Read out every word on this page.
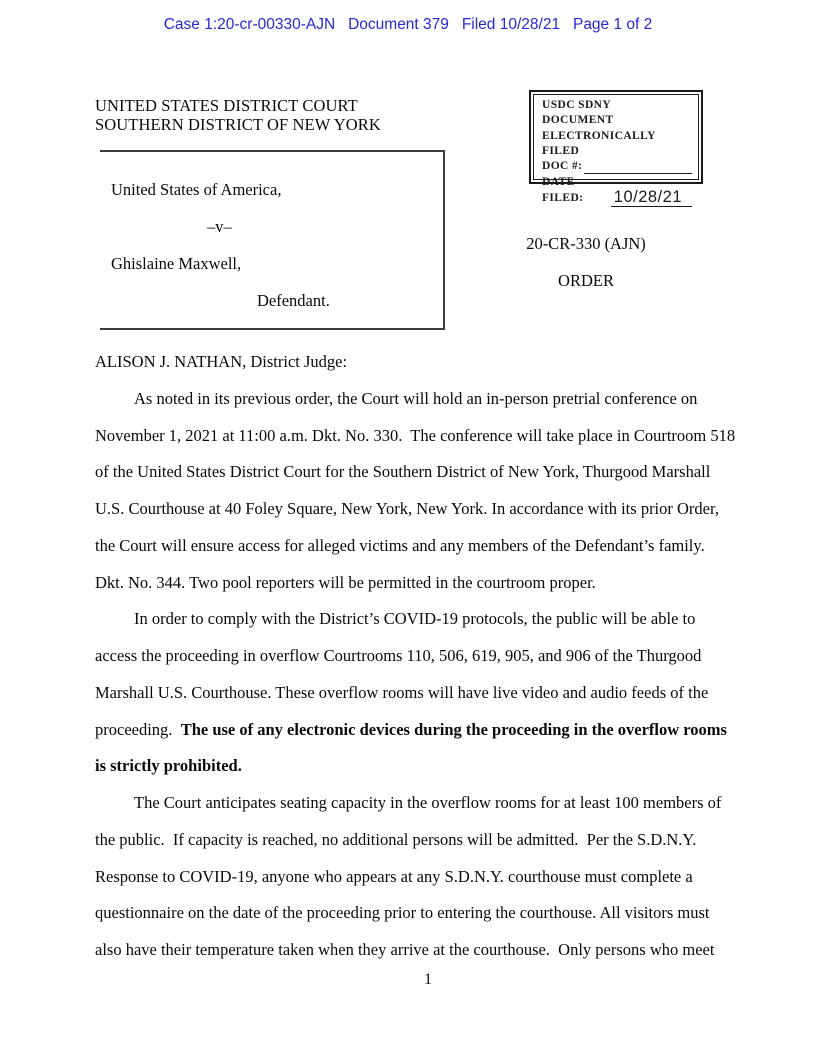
Case 1:20-cr-00330-AJN   Document 379   Filed 10/28/21   Page 1 of 2
UNITED STATES DISTRICT COURT
SOUTHERN DISTRICT OF NEW YORK
USDC SDNY
DOCUMENT
ELECTRONICALLY FILED
DOC #:
DATE FILED:	10/28/21
United States of America,
–v–
Ghislaine Maxwell,
Defendant.
20-CR-330 (AJN)
ORDER
ALISON J. NATHAN, District Judge:
As noted in its previous order, the Court will hold an in-person pretrial conference on
November 1, 2021 at 11:00 a.m. Dkt. No. 330.  The conference will take place in Courtroom 518
of the United States District Court for the Southern District of New York, Thurgood Marshall
U.S. Courthouse at 40 Foley Square, New York, New York. In accordance with its prior Order,
the Court will ensure access for alleged victims and any members of the Defendant’s family.
Dkt. No. 344. Two pool reporters will be permitted in the courtroom proper.
In order to comply with the District’s COVID-19 protocols, the public will be able to
access the proceeding in overflow Courtrooms 110, 506, 619, 905, and 906 of the Thurgood
Marshall U.S. Courthouse. These overflow rooms will have live video and audio feeds of the
proceeding.  The use of any electronic devices during the proceeding in the overflow rooms
is strictly prohibited.
The Court anticipates seating capacity in the overflow rooms for at least 100 members of
the public.  If capacity is reached, no additional persons will be admitted.  Per the S.D.N.Y.
Response to COVID-19, anyone who appears at any S.D.N.Y. courthouse must complete a
questionnaire on the date of the proceeding prior to entering the courthouse. All visitors must
also have their temperature taken when they arrive at the courthouse.  Only persons who meet
1
